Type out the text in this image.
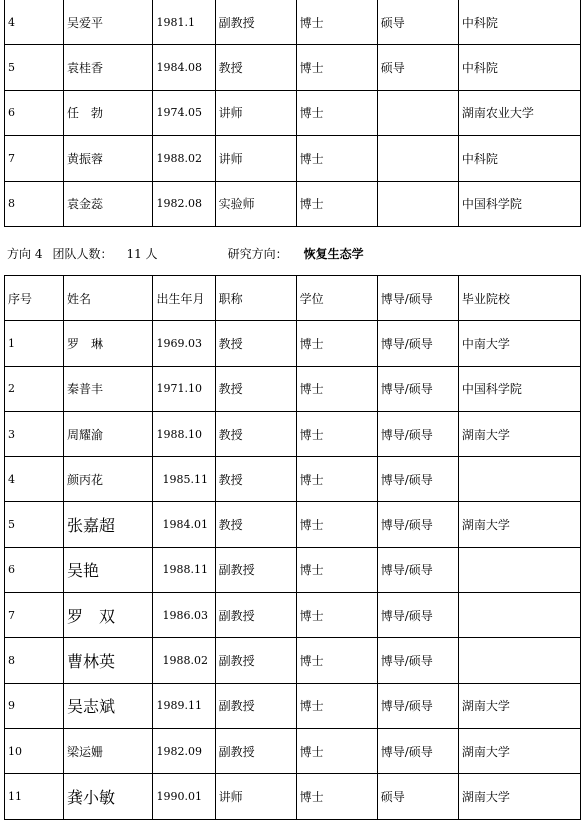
4	吴爱平	1981.1	副教授	博士	硕导	中科院
5	袁桂香	1984.08	教授	博士	硕导	中科院
6	任　勃	1974.05	讲师	博士		湖南农业大学
7	黄振蓉	1988.02	讲师	博士		中科院
8	袁金蕊	1982.08	实验师	博士		中国科学院
方向 4 团队人数： 11 人	研究方向： 恢复生态学
序号	姓名	出生年月	职称	学位	博导/硕导	毕业院校
1	罗　琳	1969.03	教授	博士	博导/硕导	中南大学
2	秦普丰	1971.10	教授	博士	博导/硕导	中国科学院
3	周耀渝	1988.10	教授	博士	博导/硕导	湖南大学
4	颜丙花	1985.11	教授	博士	博导/硕导	
5	张嘉超	1984.01	教授	博士	博导/硕导	湖南大学
6	吴艳	1988.11	副教授	博士	博导/硕导	
7	罗　双	1986.03	副教授	博士	博导/硕导	
8	曹林英	1988.02	副教授	博士	博导/硕导	
9	吴志斌	1989.11	副教授	博士	博导/硕导	湖南大学
10	梁运姗	1982.09	副教授	博士	博导/硕导	湖南大学
11	龚小敏	1990.01	讲师	博士	硕导	湖南大学
